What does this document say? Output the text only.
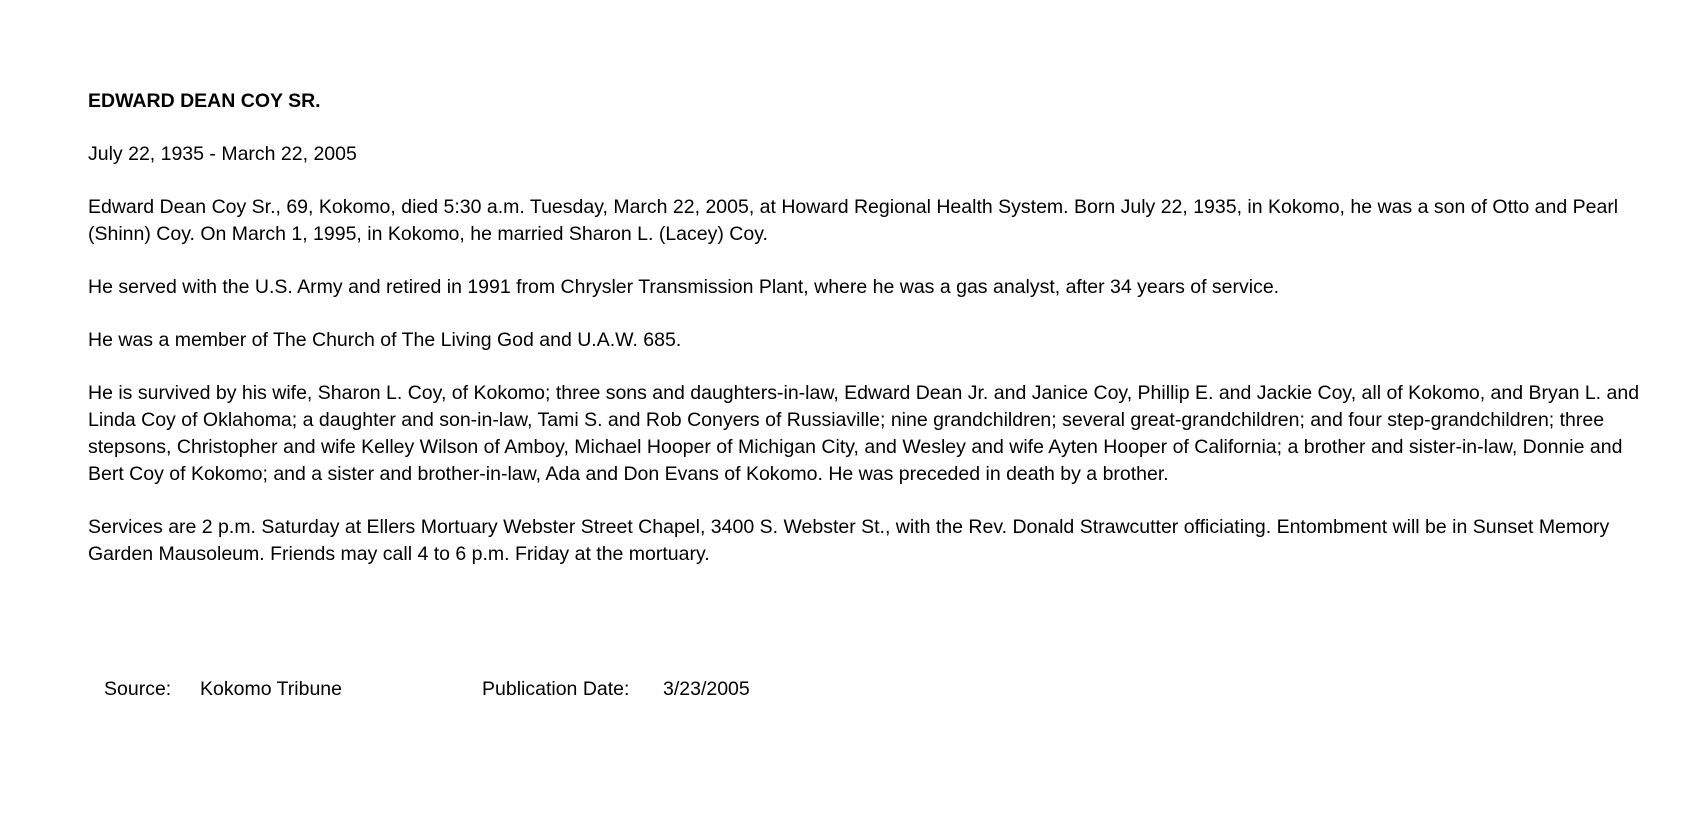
EDWARD DEAN COY SR.
July 22, 1935 - March 22, 2005
Edward Dean Coy Sr., 69, Kokomo, died 5:30 a.m. Tuesday, March 22, 2005, at Howard Regional Health System. Born July 22, 1935, in Kokomo, he was a son of Otto and Pearl (Shinn) Coy. On March 1, 1995, in Kokomo, he married Sharon L. (Lacey) Coy.
He served with the U.S. Army and retired in 1991 from Chrysler Transmission Plant, where he was a gas analyst, after 34 years of service.
He was a member of The Church of The Living God and U.A.W. 685.
He is survived by his wife, Sharon L. Coy, of Kokomo; three sons and daughters-in-law, Edward Dean Jr. and Janice Coy, Phillip E. and Jackie Coy, all of Kokomo, and Bryan L. and Linda Coy of Oklahoma; a daughter and son-in-law, Tami S. and Rob Conyers of Russiaville; nine grandchildren; several great-grandchildren; and four step-grandchildren; three stepsons, Christopher and wife Kelley Wilson of Amboy, Michael Hooper of Michigan City, and Wesley and wife Ayten Hooper of California; a brother and sister-in-law, Donnie and Bert Coy of Kokomo; and a sister and brother-in-law, Ada and Don Evans of Kokomo. He was preceded in death by a brother.
Services are 2 p.m. Saturday at Ellers Mortuary Webster Street Chapel, 3400 S. Webster St., with the Rev. Donald Strawcutter officiating. Entombment will be in Sunset Memory Garden Mausoleum. Friends may call 4 to 6 p.m. Friday at the mortuary.
Source:	Kokomo Tribune	Publication Date:	3/23/2005
